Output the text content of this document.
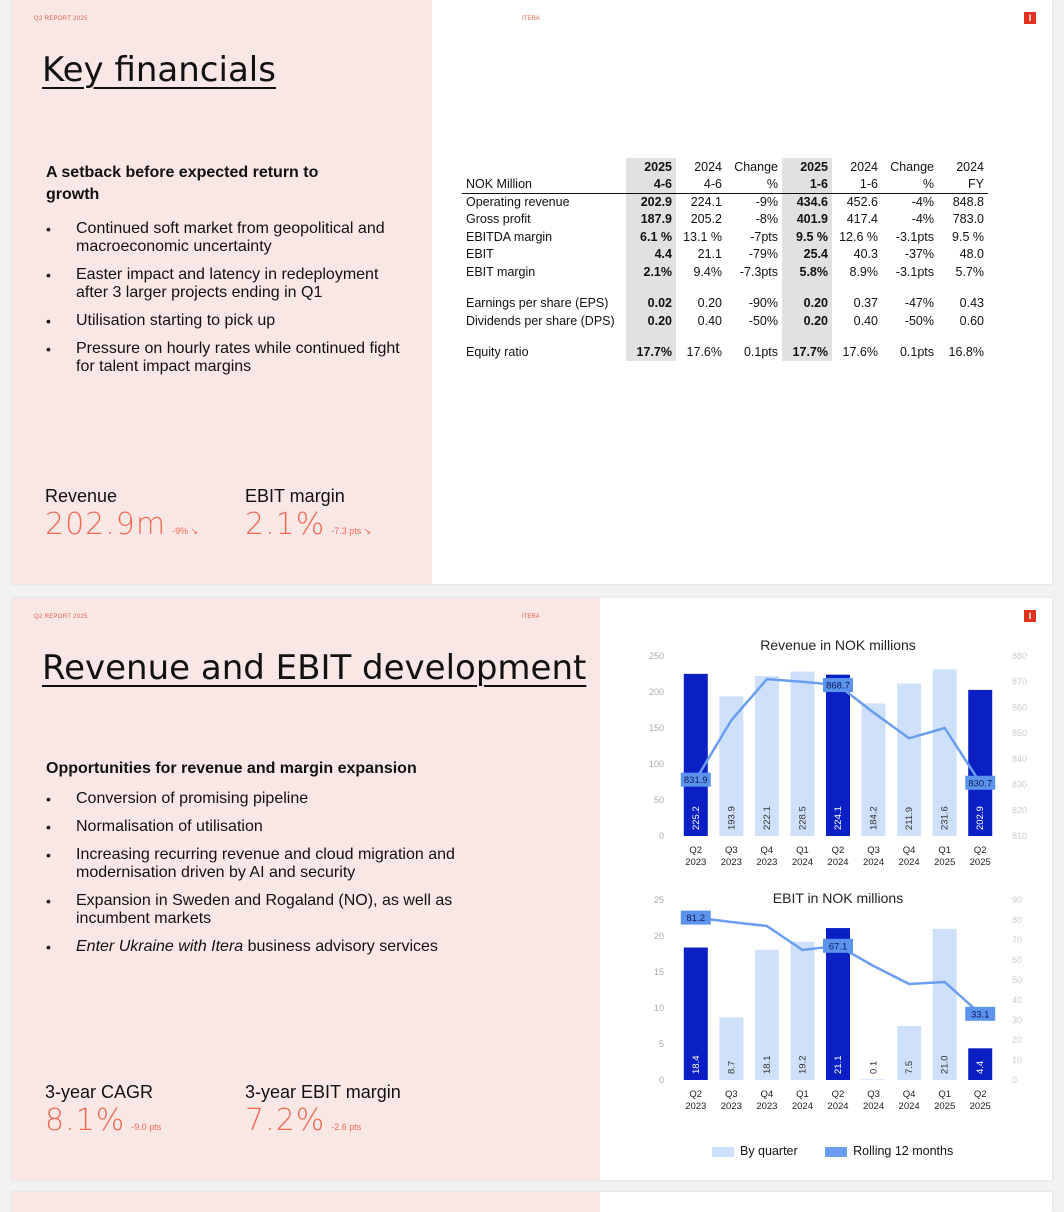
Q2 REPORT 2025	ITERA	I
Key financials
A setback before expected return to growth
• Continued soft market from geopolitical and macroeconomic uncertainty
• Easter impact and latency in redeployment after 3 larger projects ending in Q1
• Utilisation starting to pick up
• Pressure on hourly rates while continued fight for talent impact margins
Revenue
202.9m -9% ↘
EBIT margin
2.1% -7.3 pts ↘
	2025	2024	Change	2025	2024	Change	2024
NOK Million	4-6	4-6	%	1-6	1-6	%	FY
Operating revenue	202.9	224.1	-9%	434.6	452.6	-4%	848.8
Gross profit	187.9	205.2	-8%	401.9	417.4	-4%	783.0
EBITDA margin	6.1 %	13.1 %	-7pts	9.5 %	12.6 %	-3.1pts	9.5 %
EBIT	4.4	21.1	-79%	25.4	40.3	-37%	48.0
EBIT margin	2.1%	9.4%	-7.3pts	5.8%	8.9%	-3.1pts	5.7%

Earnings per share (EPS)	0.02	0.20	-90%	0.20	0.37	-47%	0.43
Dividends per share (DPS)	0.20	0.40	-50%	0.20	0.40	-50%	0.60

Equity ratio	17.7%	17.6%	0.1pts	17.7%	17.6%	0.1pts	16.8%
Q2 REPORT 2025	ITERA	I
Revenue and EBIT development
Opportunities for revenue and margin expansion
• Conversion of promising pipeline
• Normalisation of utilisation
• Increasing recurring revenue and cloud migration and modernisation driven by AI and security
• Expansion in Sweden and Rogaland (NO), as well as incumbent markets
• Enter Ukraine with Itera business advisory services
3-year CAGR
8.1% -9.0 pts
3-year EBIT margin
7.2% -2.6 pts
Revenue in NOK millions
0
50
100
150
200
250
810
820
830
840
850
860
870
880
225.2
Q2
2023
193.9
Q3
2023
222.1
Q4
2023
228.5
Q1
2024
224.1
Q2
2024
184.2
Q3
2024
211.9
Q4
2024
231.6
Q1
2025
202.9
Q2
2025
831.9
868.7
830.7
EBIT in NOK millions
0
5
10
15
20
25
0
10
20
30
40
50
60
70
80
90
18.4
Q2
2023
8.7
Q3
2023
18.1
Q4
2023
19.2
Q1
2024
21.1
Q2
2024
0.1
Q3
2024
7.5
Q4
2024
21.0
Q1
2025
4.4
Q2
2025
81.2
67.1
33.1
By quarter	Rolling 12 months
